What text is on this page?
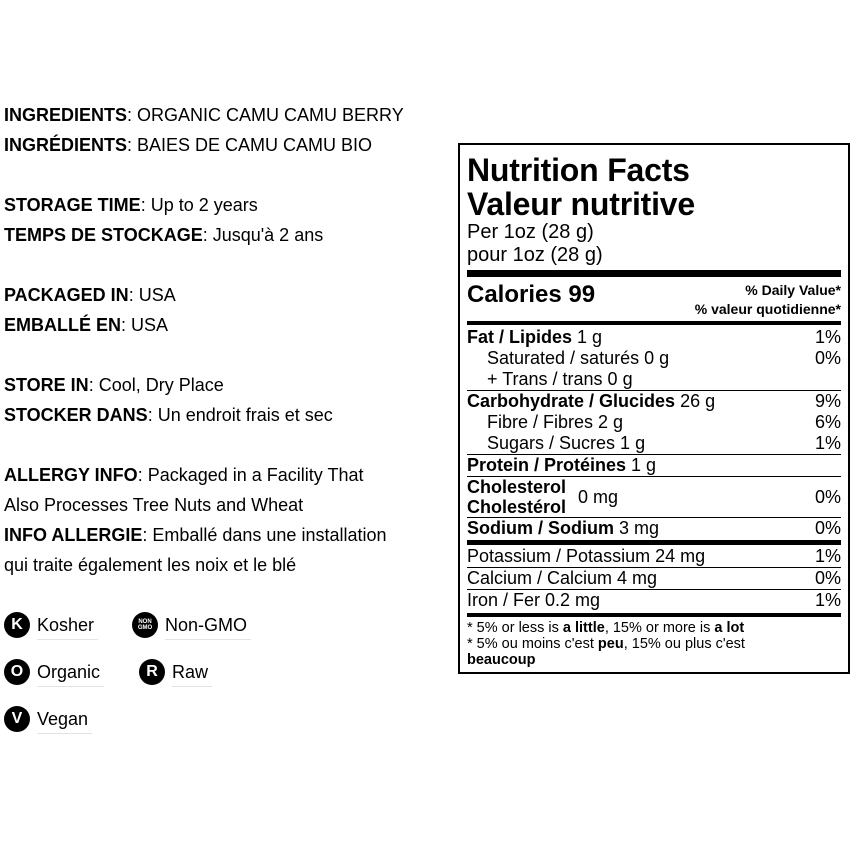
INGREDIENTS: ORGANIC CAMU CAMU BERRY
INGRÉDIENTS: BAIES DE CAMU CAMU BIO
STORAGE TIME: Up to 2 years
TEMPS DE STOCKAGE: Jusqu'à 2 ans
PACKAGED IN: USA
EMBALLÉ EN: USA
STORE IN: Cool, Dry Place
STOCKER DANS: Un endroit frais et sec
ALLERGY INFO: Packaged in a Facility That
Also Processes Tree Nuts and Wheat
INFO ALLERGIE: Emballé dans une installation
qui traite également les noix et le blé
K Kosher	NON
GMO Non-GMO
O Organic	R Raw
V Vegan
Nutrition Facts
Valeur nutritive
Per 1oz (28 g)
pour 1oz (28 g)
Calories 99	% Daily Value*
% valeur quotidienne*
Fat / Lipides 1 g	1%
Saturated / saturés 0 g	0%
+ Trans / trans 0 g
Carbohydrate / Glucides 26 g	9%
Fibre / Fibres 2 g	6%
Sugars / Sucres 1 g	1%
Protein / Protéines 1 g
Cholesterol
Cholestérol 0 mg	0%
Sodium / Sodium 3 mg	0%
Potassium / Potassium 24 mg	1%
Calcium / Calcium 4 mg	0%
Iron / Fer 0.2 mg	1%
* 5% or less is a little, 15% or more is a lot
* 5% ou moins c'est peu, 15% ou plus c'est
beaucoup
